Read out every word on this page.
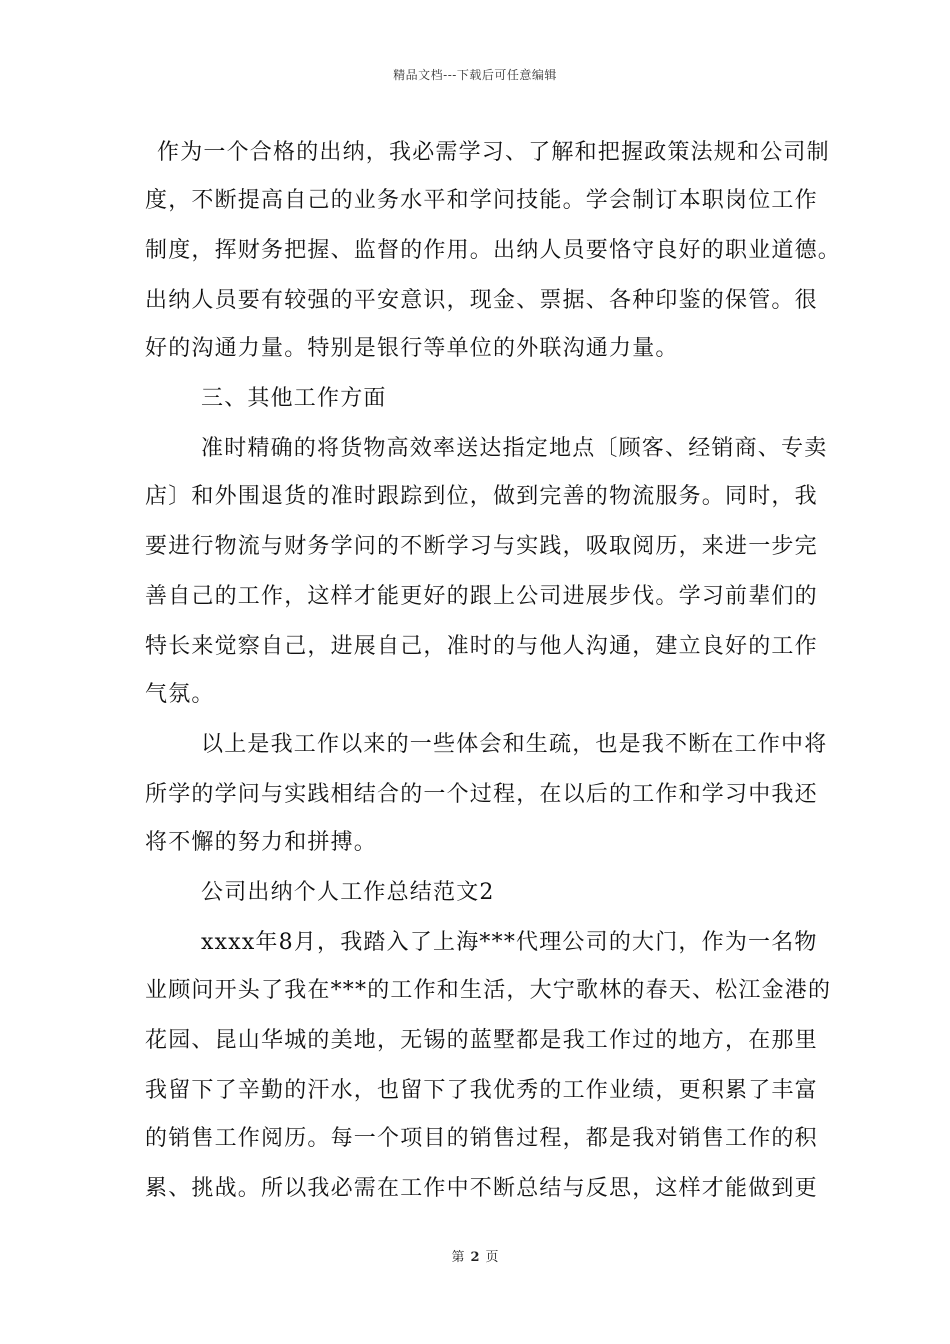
精品文档---下载后可任意编辑
作为一个合格的出纳，我必需学习、了解和把握政策法规和公司制
度，不断提高自己的业务水平和学问技能。学会制订本职岗位工作
制度，挥财务把握、监督的作用。出纳人员要恪守良好的职业道德。
出纳人员要有较强的平安意识，现金、票据、各种印鉴的保管。很
好的沟通力量。特别是银行等单位的外联沟通力量。
三、其他工作方面
准时精确的将货物高效率送达指定地点〔顾客、经销商、专卖
店〕和外围退货的准时跟踪到位，做到完善的物流服务。同时，我
要进行物流与财务学问的不断学习与实践，吸取阅历，来进一步完
善自己的工作，这样才能更好的跟上公司进展步伐。学习前辈们的
特长来觉察自己，进展自己，准时的与他人沟通，建立良好的工作
气氛。
以上是我工作以来的一些体会和生疏，也是我不断在工作中将
所学的学问与实践相结合的一个过程，在以后的工作和学习中我还
将不懈的努力和拼搏。
公司出纳个人工作总结范文2
xxxx年8月，我踏入了上海***代理公司的大门，作为一名物
业顾问开头了我在***的工作和生活，大宁歌林的春天、松江金港的
花园、昆山华城的美地，无锡的蓝墅都是我工作过的地方，在那里
我留下了辛勤的汗水，也留下了我优秀的工作业绩，更积累了丰富
的销售工作阅历。每一个项目的销售过程，都是我对销售工作的积
累、挑战。所以我必需在工作中不断总结与反思，这样才能做到更
第 2 页
